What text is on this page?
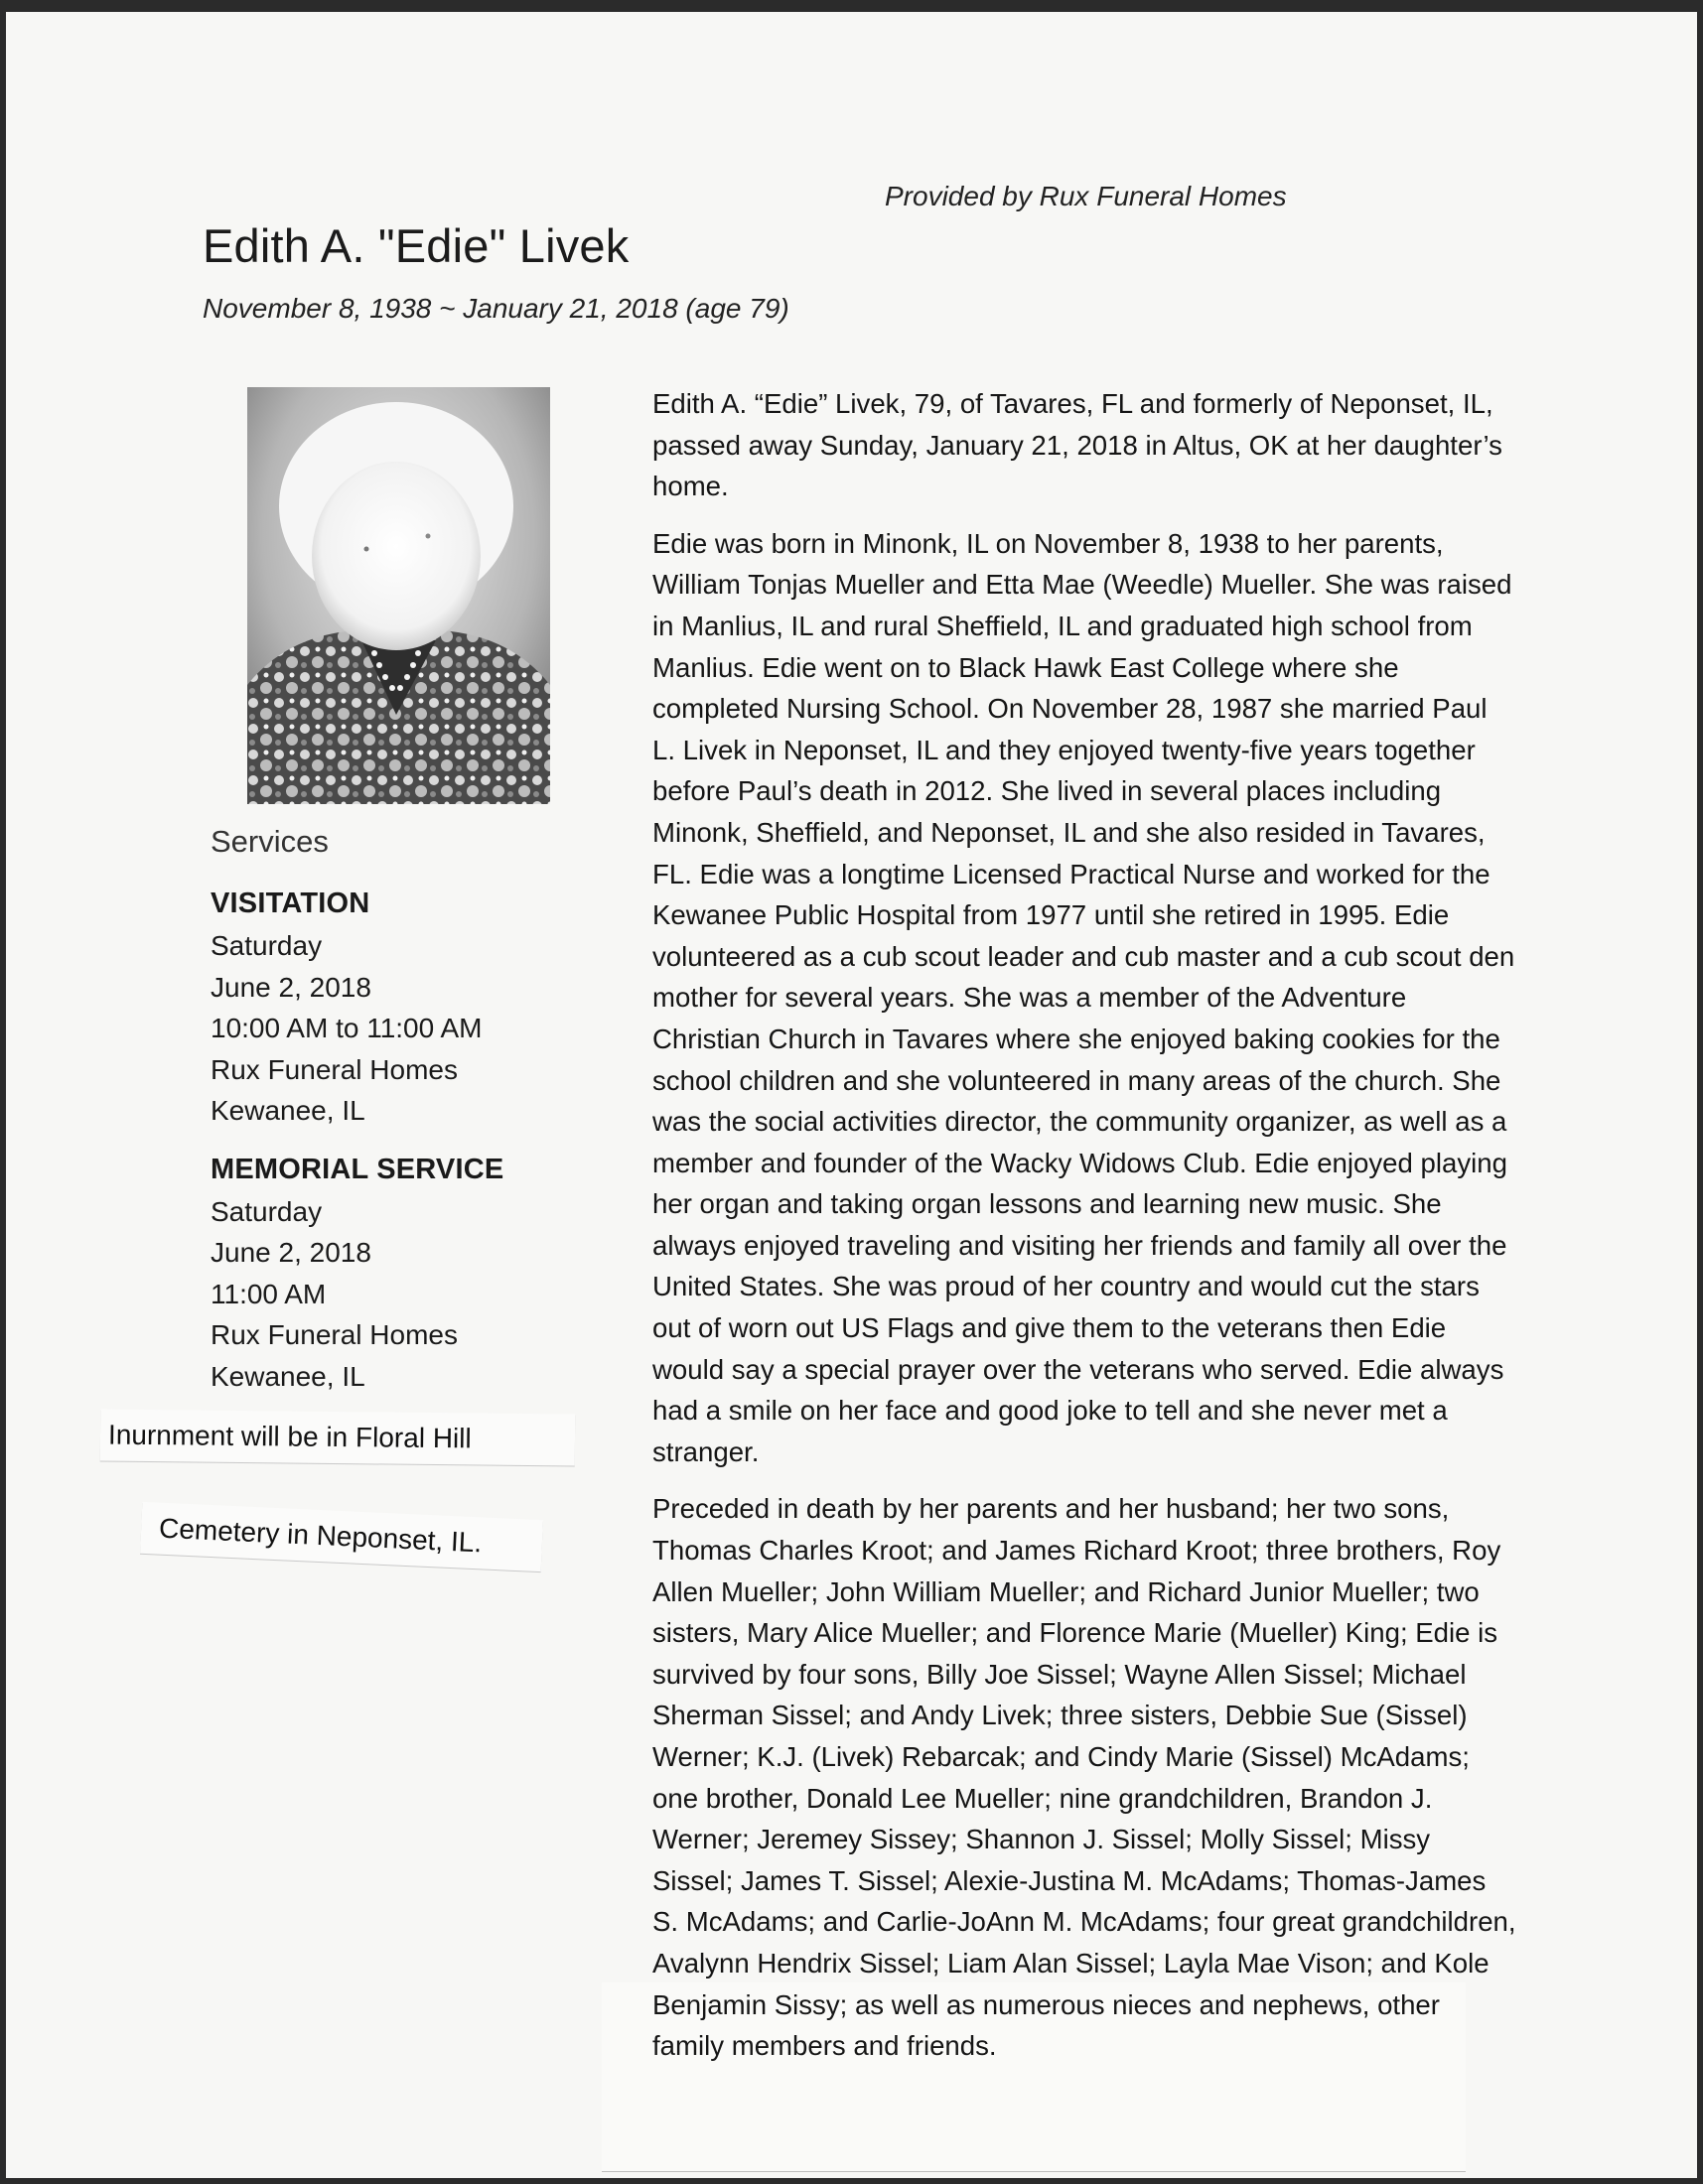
Provided by Rux Funeral Homes
Edith A. "Edie" Livek
November 8, 1938 ~ January 21, 2018 (age 79)
Services
VISITATION
Saturday
June 2, 2018
10:00 AM to 11:00 AM
Rux Funeral Homes
Kewanee, IL
MEMORIAL SERVICE
Saturday
June 2, 2018
11:00 AM
Rux Funeral Homes
Kewanee, IL
Inurnment will be in Floral Hill
Cemetery in Neponset, IL.

Edith A. “Edie” Livek, 79, of Tavares, FL and formerly of Neponset, IL, passed away Sunday, January 21, 2018 in Altus, OK at her daughter’s home.

Edie was born in Minonk, IL on November 8, 1938 to her parents, William Tonjas Mueller and Etta Mae (Weedle) Mueller. She was raised in Manlius, IL and rural Sheffield, IL and graduated high school from Manlius. Edie went on to Black Hawk East College where she completed Nursing School. On November 28, 1987 she married Paul L. Livek in Neponset, IL and they enjoyed twenty-five years together before Paul’s death in 2012. She lived in several places including Minonk, Sheffield, and Neponset, IL and she also resided in Tavares, FL. Edie was a longtime Licensed Practical Nurse and worked for the Kewanee Public Hospital from 1977 until she retired in 1995. Edie volunteered as a cub scout leader and cub master and a cub scout den mother for several years. She was a member of the Adventure Christian Church in Tavares where she enjoyed baking cookies for the school children and she volunteered in many areas of the church. She was the social activities director, the community organizer, as well as a member and founder of the Wacky Widows Club. Edie enjoyed playing her organ and taking organ lessons and learning new music. She always enjoyed traveling and visiting her friends and family all over the United States. She was proud of her country and would cut the stars out of worn out US Flags and give them to the veterans then Edie would say a special prayer over the veterans who served. Edie always had a smile on her face and good joke to tell and she never met a stranger.

Preceded in death by her parents and her husband; her two sons, Thomas Charles Kroot; and James Richard Kroot; three brothers, Roy Allen Mueller; John William Mueller; and Richard Junior Mueller; two sisters, Mary Alice Mueller; and Florence Marie (Mueller) King; Edie is survived by four sons, Billy Joe Sissel; Wayne Allen Sissel; Michael Sherman Sissel; and Andy Livek; three sisters, Debbie Sue (Sissel) Werner; K.J. (Livek) Rebarcak; and Cindy Marie (Sissel) McAdams; one brother, Donald Lee Mueller; nine grandchildren, Brandon J. Werner; Jeremey Sissey; Shannon J. Sissel; Molly Sissel; Missy Sissel; James T. Sissel; Alexie-Justina M. McAdams; Thomas-James S. McAdams; and Carlie-JoAnn M. McAdams; four great grandchildren, Avalynn Hendrix Sissel; Liam Alan Sissel; Layla Mae Vison; and Kole Benjamin Sissy; as well as numerous nieces and nephews, other family members and friends.
